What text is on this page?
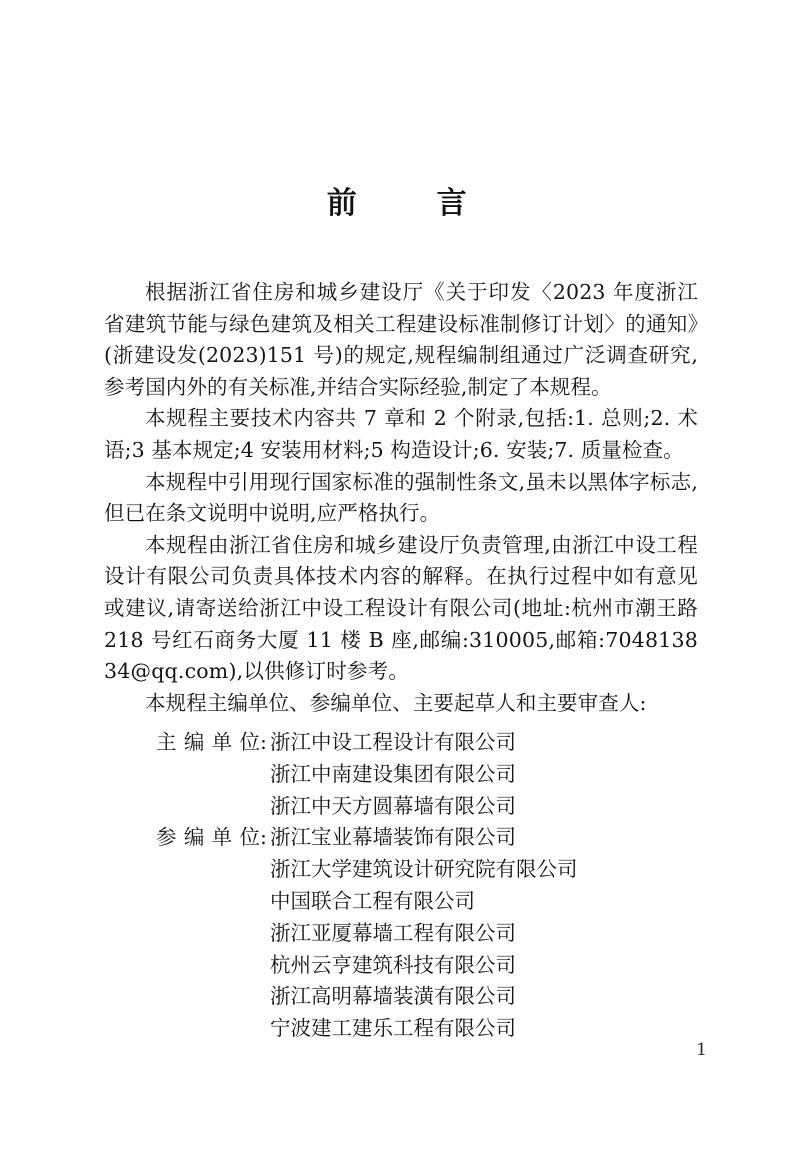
前　　言

根据浙江省住房和城乡建设厅《关于印发〈2023 年度浙江省建筑节能与绿色建筑及相关工程建设标准制修订计划〉的通知》(浙建设发(2023)151 号)的规定,规程编制组通过广泛调查研究,参考国内外的有关标准,并结合实际经验,制定了本规程。

本规程主要技术内容共 7 章和 2 个附录,包括:1. 总则;2. 术语;3 基本规定;4 安装用材料;5 构造设计;6. 安装;7. 质量检查。

本规程中引用现行国家标准的强制性条文,虽未以黑体字标志,但已在条文说明中说明,应严格执行。

本规程由浙江省住房和城乡建设厅负责管理,由浙江中设工程设计有限公司负责具体技术内容的解释。在执行过程中如有意见或建议,请寄送给浙江中设工程设计有限公司(地址:杭州市潮王路 218 号红石商务大厦 11 楼 B 座,邮编:310005,邮箱:704813834@qq.com),以供修订时参考。

本规程主编单位、参编单位、主要起草人和主要审查人:

主编单位: 浙江中设工程设计有限公司
浙江中南建设集团有限公司
浙江中天方圆幕墙有限公司
参编单位: 浙江宝业幕墙装饰有限公司
浙江大学建筑设计研究院有限公司
中国联合工程有限公司
浙江亚厦幕墙工程有限公司
杭州云亨建筑科技有限公司
浙江高明幕墙装潢有限公司
宁波建工建乐工程有限公司
1
